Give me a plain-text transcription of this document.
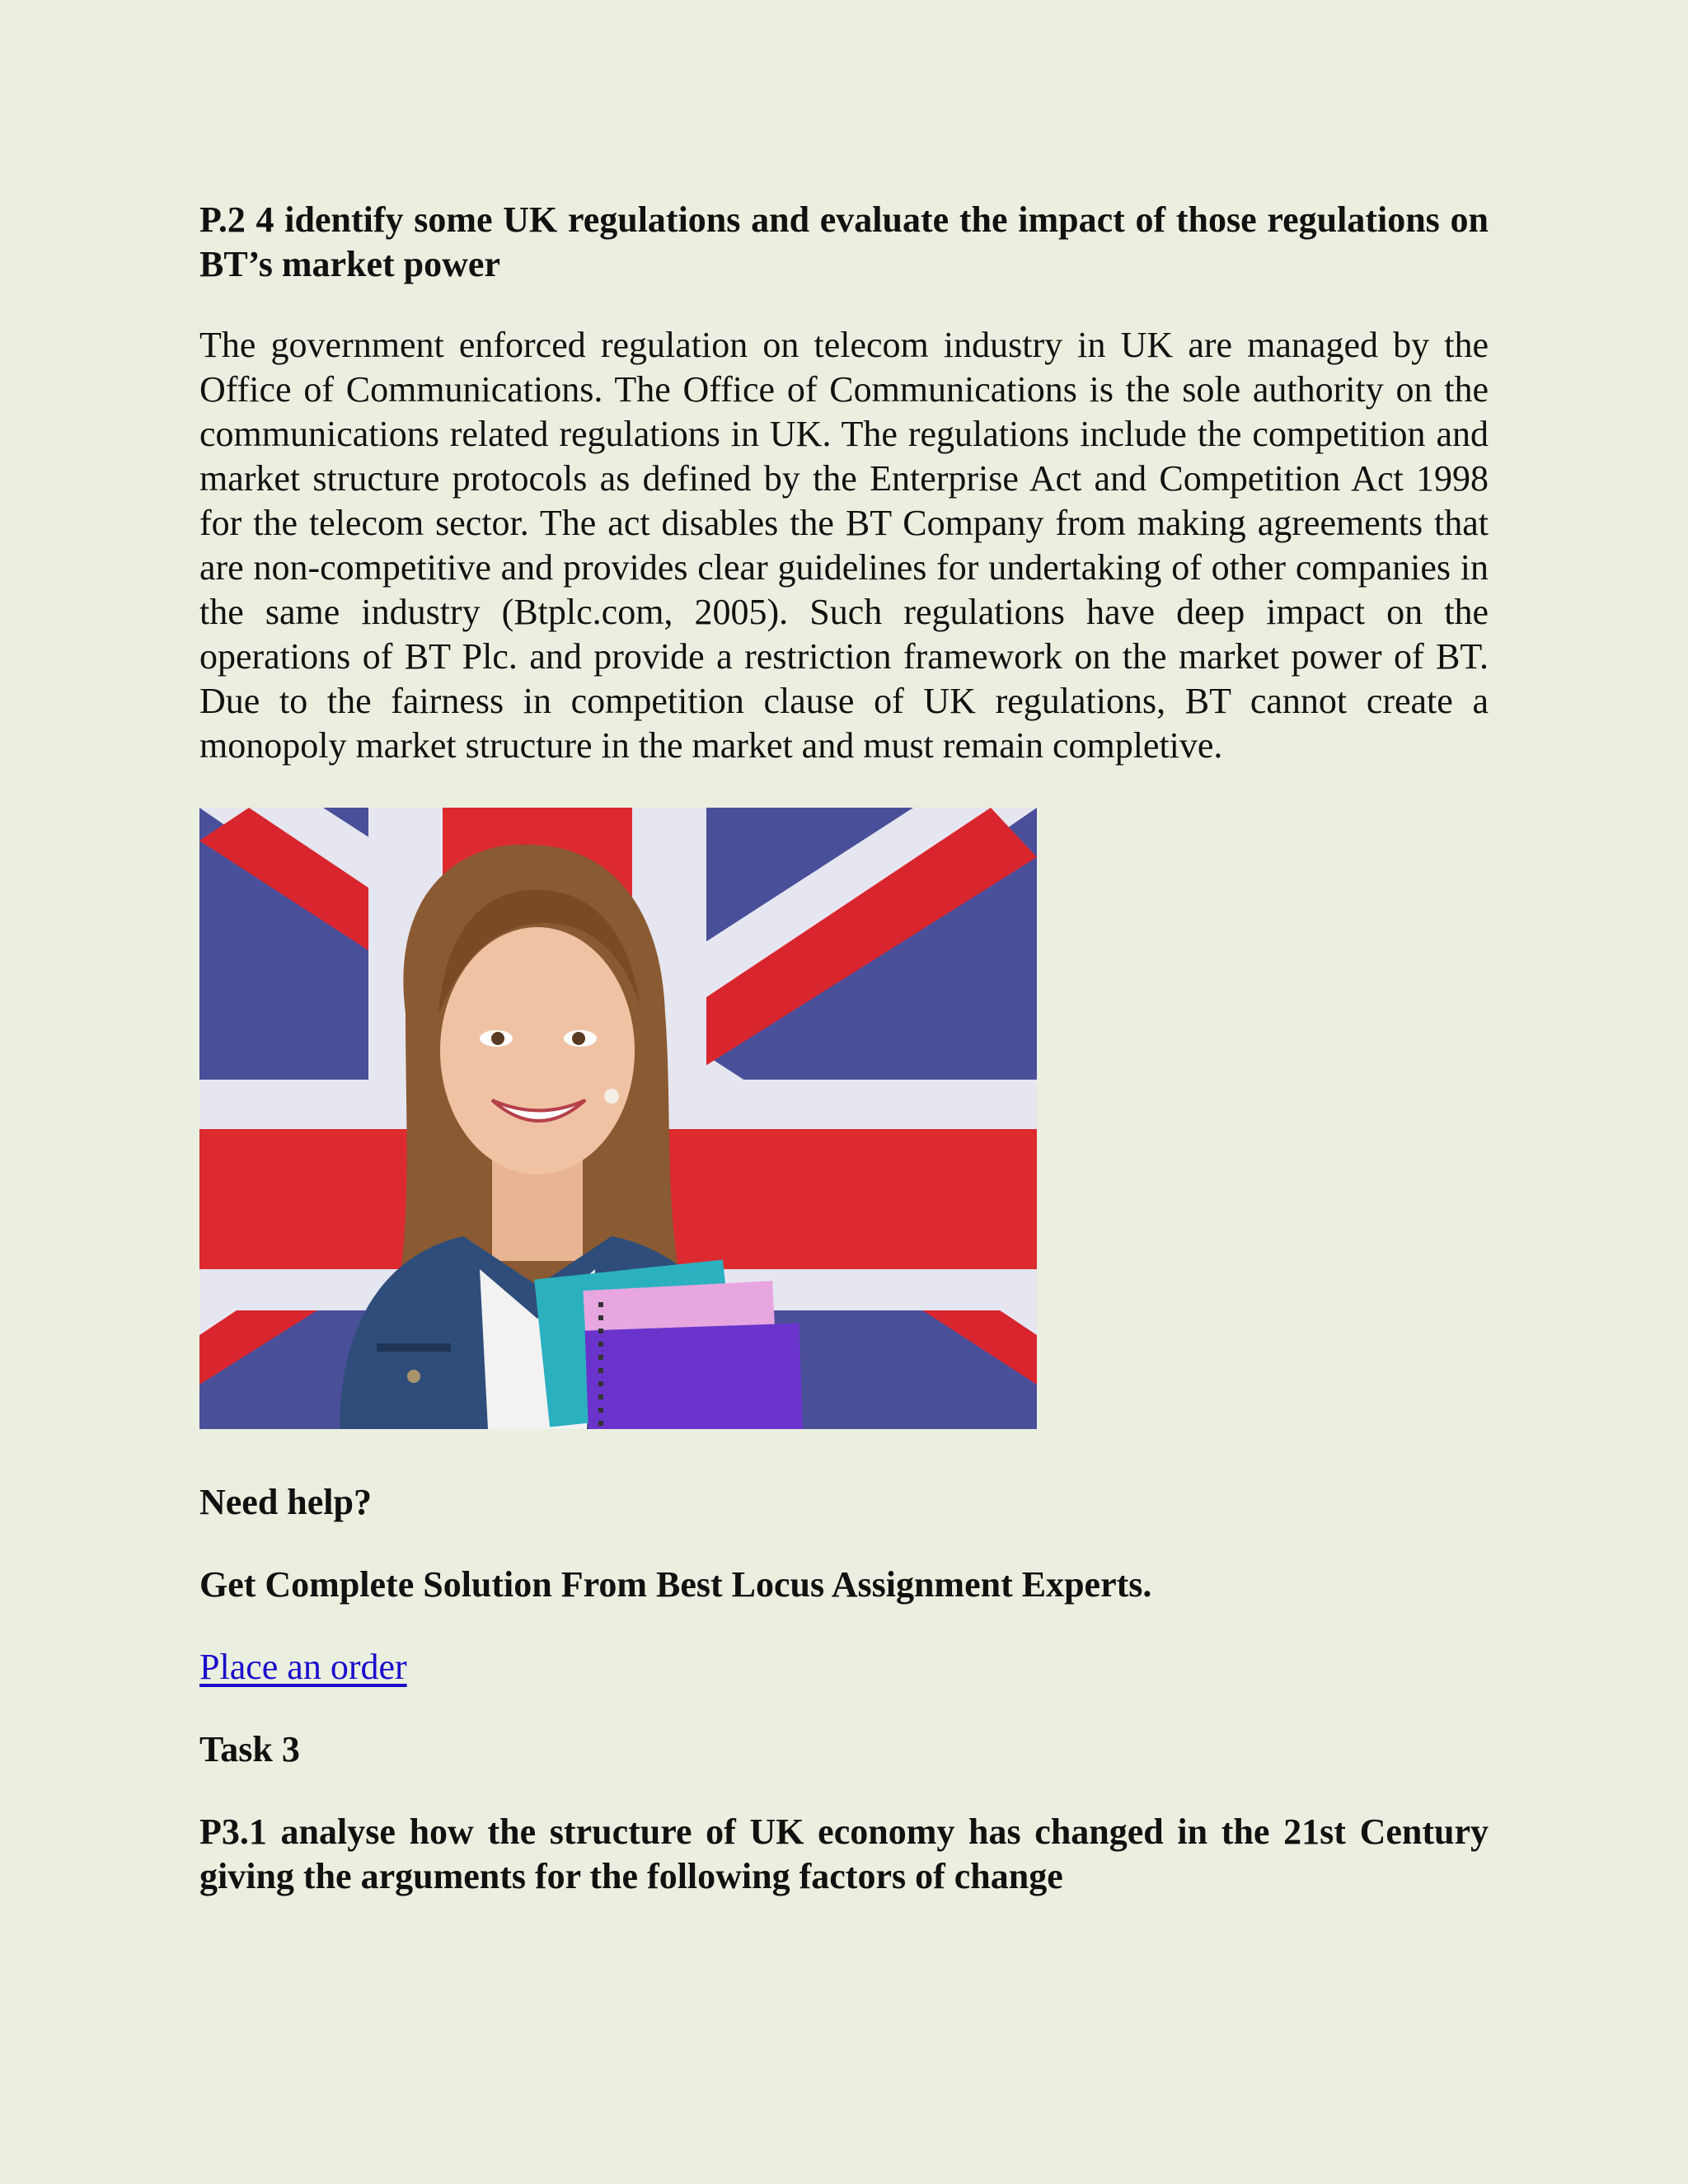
P.2 4 identify some UK regulations and evaluate the impact of those regulations on BT’s market power

The government enforced regulation on telecom industry in UK are managed by the Office of Communications. The Office of Communications is the sole authority on the communications related regulations in UK. The regulations include the competition and market structure protocols as defined by the Enterprise Act and Competition Act 1998 for the telecom sector. The act disables the BT Company from making agreements that are non-competitive and provides clear guidelines for undertaking of other companies in the same industry (Btplc.com, 2005). Such regulations have deep impact on the operations of BT Plc. and provide a restriction framework on the market power of BT. Due to the fairness in competition clause of UK regulations, BT cannot create a monopoly market structure in the market and must remain completive.

Need help?

Get Complete Solution From Best Locus Assignment Experts.

Place an order

Task 3

P3.1 analyse how the structure of UK economy has changed in the 21st Century giving the arguments for the following factors of change
